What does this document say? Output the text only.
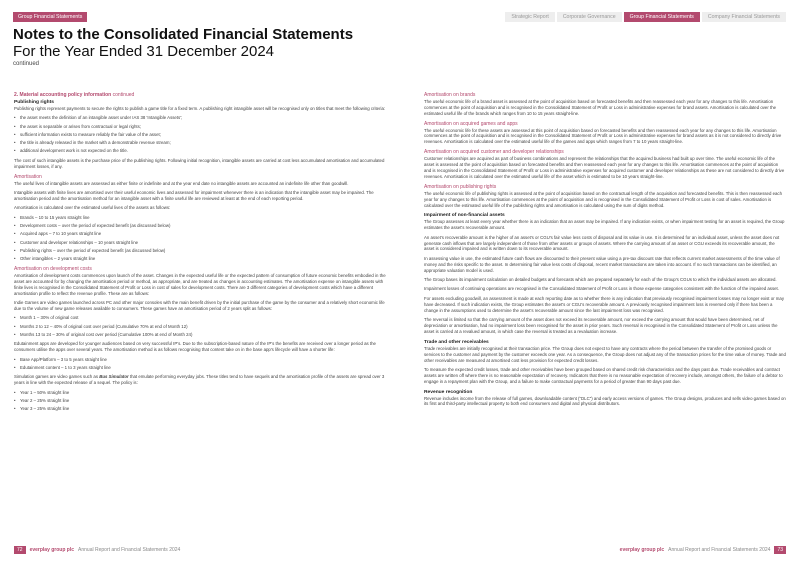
Group Financial Statements	Strategic Report	Corporate Governance	Group Financial Statements	Company Financial Statements
Notes to the Consolidated Financial Statements
For the Year Ended 31 December 2024
continued
2. Material accounting policy information continued
Publishing rights

Publishing rights represent payments to secure the rights to publish a game title for a fixed term. A publishing right intangible asset will be recognised only on titles that meet the following criteria:

• the asset meets the definition of an intangible asset under IAS 38 'Intangible Assets';
• the asset is separable or arises from contractual or legal rights;
• sufficient information exists to measure reliably the fair value of the asset;
• the title is already released in the market with a demonstrable revenue stream;
• additional development work is not expected on the title.

The cost of such intangible assets is the purchase price of the publishing rights. Following initial recognition, intangible assets are carried at cost less accumulated amortisation and accumulated impairment losses, if any.

Amortisation

The useful lives of intangible assets are assessed as either finite or indefinite and at the year end date no intangible assets are accounted an indefinite life other than goodwill.

Intangible assets with finite lives are amortised over their useful economic lives and assessed for impairment whenever there is an indication that the intangible asset may be impaired. The amortisation period and the amortisation method for an intangible asset with a finite useful life are reviewed at least at the end of each reporting period.

Amortisation is calculated over the estimated useful lives of the assets as follows:

• Brands – 10 to 15 years straight line
• Development costs – over the period of expected benefit (as discussed below)
• Acquired apps – 7 to 10 years straight line
• Customer and developer relationships – 10 years straight line
• Publishing rights – over the period of expected benefit (as discussed below)
• Other intangibles – 2 years straight line
Amortisation on development costs

Amortisation of development costs commences upon launch of the asset. Changes in the expected useful life or the expected pattern of consumption of future economic benefits embodied in the asset are accounted for by changing the amortisation period or method, as appropriate, and are treated as changes in accounting estimates. The amortisation expense on intangible assets with finite lives is recognised in the Consolidated Statement of Profit or Loss in cost of sales for development costs. There are 3 different categories of development costs which have a different amortisation profile to reflect the revenue profile. These are as follows:

Indie Games are video games launched across PC and other major consoles with the main benefit driven by the initial purchase of the game by the consumer and a relatively short economic life due to the volume of new game releases available to consumers. These games have an amortisation period of 2 years split as follows:

• Month 1 – 30% of original cost
• Months 2 to 12 – 40% of original cost over period (Cumulative 70% at end of Month 12)
• Months 13 to 24 – 30% of original cost over period (Cumulative 100% at end of Month 24)

Edutainment apps are developed for younger audiences based on very successful IP's. Due to the subscription-based nature of the IP's the benefits are received over a longer period as the consumers utilise the apps over several years. The amortisation method is as follows recognising that content take on in the base app's lifecycle will have a shorter life:

• Base App/Platform – 3 to 5 years straight line
• Edutainment content – 1 to 3 years straight line

Simulation games are video games such as Bus Simulator that emulate performing everyday jobs. These titles tend to have sequels and the amortisation profile of the assets are spread over 3 years in line with the expected release of a sequel. The policy is:

• Year 1 – 50% straight line
• Year 2 – 25% straight line
• Year 3 – 25% straight line
Amortisation on brands

The useful economic life of a brand asset is assessed at the point of acquisition based on forecasted benefits and then reassessed each year for any changes to this life. Amortisation commences at the point of acquisition and is recognised in the Consolidated Statement of Profit or Loss in administrative expenses for brand assets. Amortisation is calculated over the estimated useful life of the brands which ranges from 10 to 15 years straight-line.

Amortisation on acquired games and apps

The useful economic life for these assets are assessed at this point of acquisition based on forecasted benefits and then reassessed each year for any changes to this life. Amortisation commences at the point of acquisition and is recognised in the Consolidated Statement of Profit or Loss in administrative expenses for brand assets as it is not considered to directly drive revenues. Amortisation is calculated over the estimated useful life of the games and apps which ranges from 7 to 10 years straight-line.

Amortisation on acquired customer and developer relationships

Customer relationships are acquired as part of business combinations and represent the relationships that the acquired business had built up over time. The useful economic life of the asset is assessed at the point of acquisition based on forecasted benefits and then reassessed each year for any changes to this life. Amortisation commences at the point of acquisition and is recognised in the Consolidated Statement of Profit or Loss in administrative expenses for acquired customer and developer relationships as these are not considered to directly drive revenues. Amortisation is calculated over the estimated useful life of the asset which is estimated to be 10 years straight-line.

Amortisation on publishing rights

The useful economic life of publishing rights is assessed at the point of acquisition based on the contractual length of the acquisition and forecasted benefits. This is then reassessed each year for any changes to this life. Amortisation commences at the point of acquisition and is recognised in the Consolidated Statement of Profit or Loss in cost of sales. Amortisation is calculated over the estimated useful life of the publishing rights and amortisation is calculated using the sum of digits method.

Impairment of non-financial assets

The Group assesses at least every year whether there is an indication that an asset may be impaired. If any indication exists, or when impairment testing for an asset is required, the Group estimates the asset's recoverable amount.

An asset's recoverable amount is the higher of an asset's or CGU's fair value less costs of disposal and its value in use. It is determined for an individual asset, unless the asset does not generate cash inflows that are largely independent of those from other assets or groups of assets. Where the carrying amount of an asset or CGU exceeds its recoverable amount, the asset is considered impaired and is written down to its recoverable amount.

In assessing value in use, the estimated future cash flows are discounted to their present value using a pre-tax discount rate that reflects current market assessments of the time value of money and the risks specific to the asset. In determining fair value less costs of disposal, recent market transactions are taken into account. If no such transactions can be identified, an appropriate valuation model is used.

The Group bases its impairment calculation on detailed budgets and forecasts which are prepared separately for each of the Group's CGUs to which the individual assets are allocated.

Impairment losses of continuing operations are recognised in the Consolidated Statement of Profit or Loss in those expense categories consistent with the function of the impaired asset.

For assets excluding goodwill, an assessment is made at each reporting date as to whether there is any indication that previously recognised impairment losses may no longer exist or may have decreased. If such indication exists, the Group estimates the asset's or CGU's recoverable amount. A previously recognised impairment loss is reversed only if there has been a change in the assumptions used to determine the asset's recoverable amount since the last impairment loss was recognised.

The reversal is limited so that the carrying amount of the asset does not exceed its recoverable amount, nor exceed the carrying amount that would have been determined, net of depreciation or amortisation, had no impairment loss been recognised for the asset in prior years. Such reversal is recognised in the Consolidated Statement of Profit or Loss unless the asset is carried at a revalued amount, in which case the reversal is treated as a revaluation increase.

Trade and other receivables

Trade receivables are initially recognised at their transaction price. The Group does not expect to have any contracts where the period between the transfer of the promised goods or services to the customer and payment by the customer exceeds one year. As a consequence, the Group does not adjust any of the transaction prices for the time value of money. Trade and other receivables are measured at amortised cost less provision for expected credit losses.

To measure the expected credit losses, trade and other receivables have been grouped based on shared credit risk characteristics and the days past due. Trade receivables and contract assets are written off where there is no reasonable expectation of recovery. Indicators that there is no reasonable expectation of recovery include, amongst others, the failure of a debtor to engage in a repayment plan with the Group, and a failure to make contractual payments for a period of greater than 90 days past due.

Revenue recognition

Revenue includes income from the release of full games, downloadable content ("DLC") and early access versions of games. The Group designs, produces and sells video games based on its first and third-party intellectual property to both end consumers and digital and physical distributors.

72	everplay group plc Annual Report and Financial Statements 2024	everplay group plc Annual Report and Financial Statements 2024	73
